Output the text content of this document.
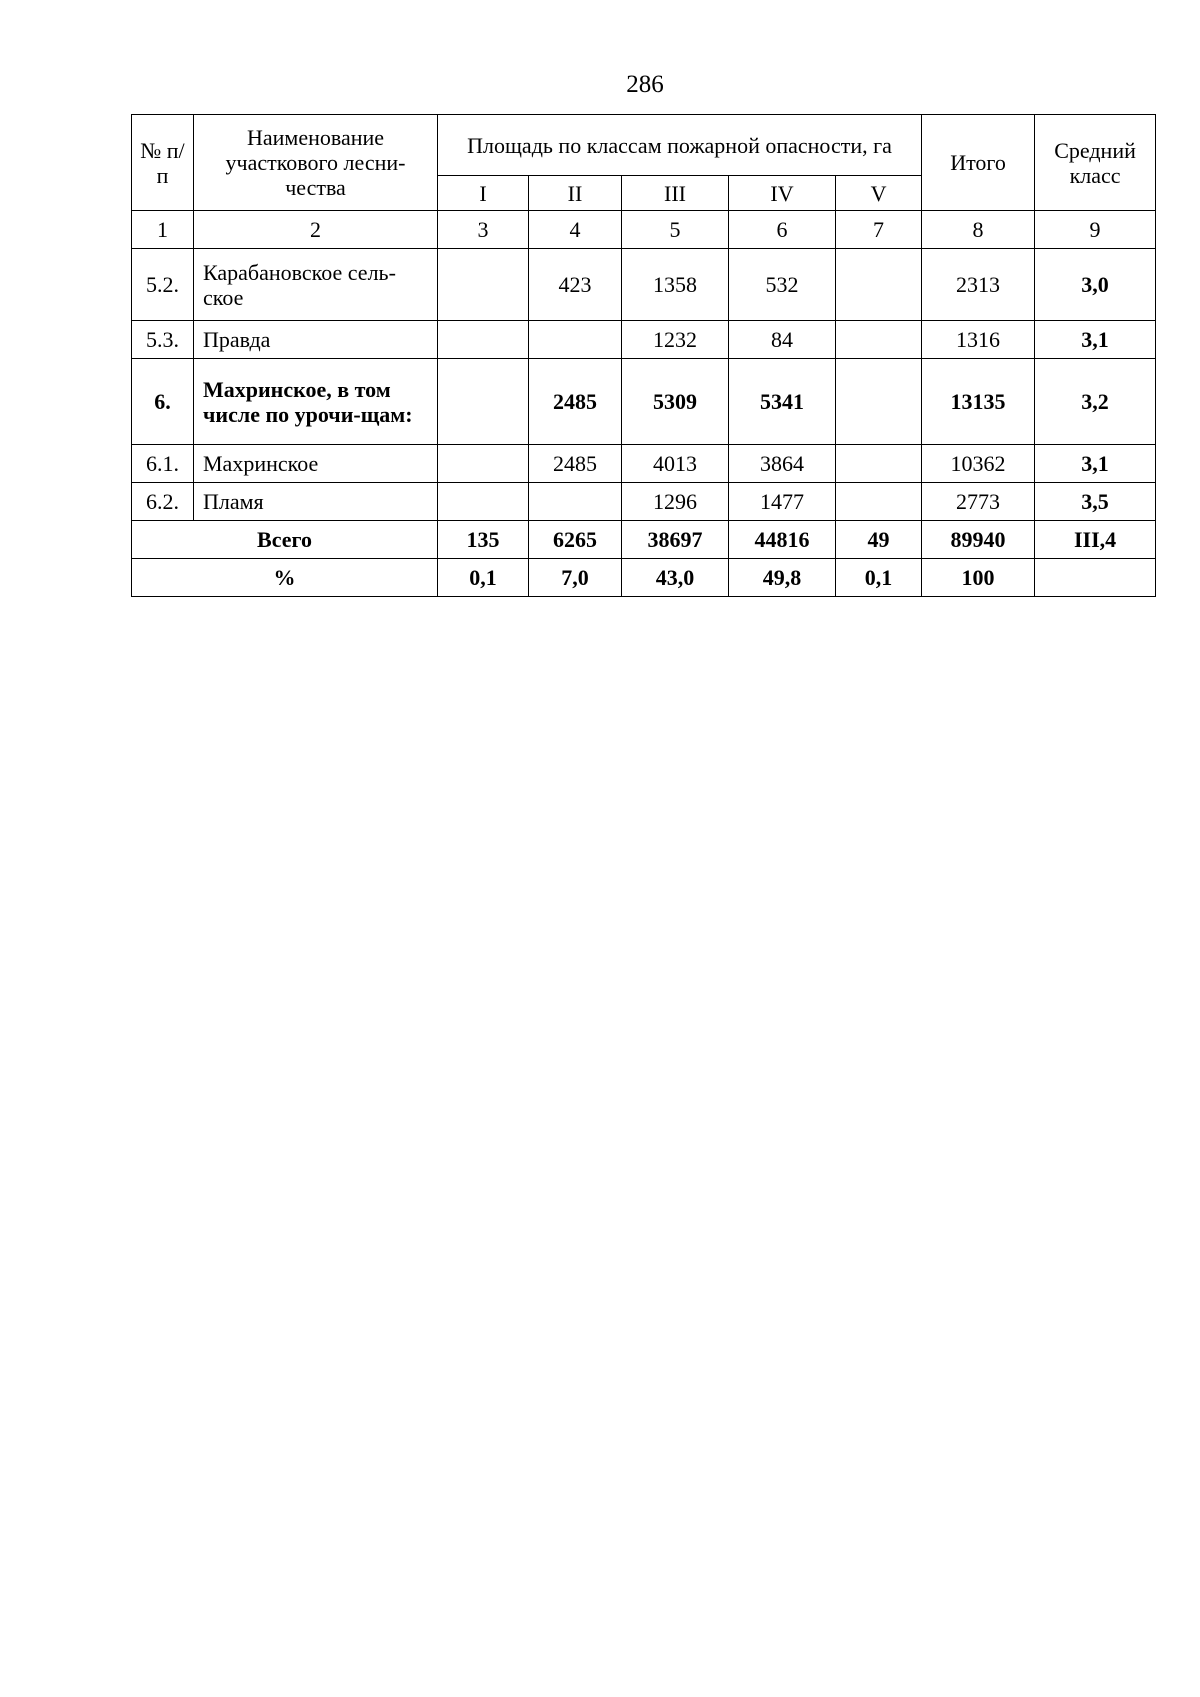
286
№ п/п	Наименование участкового лесни-чества	Площадь по классам пожарной опасности, га					Итого	Средний класс
		I	II	III	IV	V		
1	2	3	4	5	6	7	8	9
5.2.	Карабановское сель-ское		423	1358	532		2313	3,0
5.3.	Правда			1232	84		1316	3,1
6.	Махринское, в том числе по урочи-щам:		2485	5309	5341		13135	3,2
6.1.	Махринское		2485	4013	3864		10362	3,1
6.2.	Пламя			1296	1477		2773	3,5
Всего		135	6265	38697	44816	49	89940	III,4
%		0,1	7,0	43,0	49,8	0,1	100	
